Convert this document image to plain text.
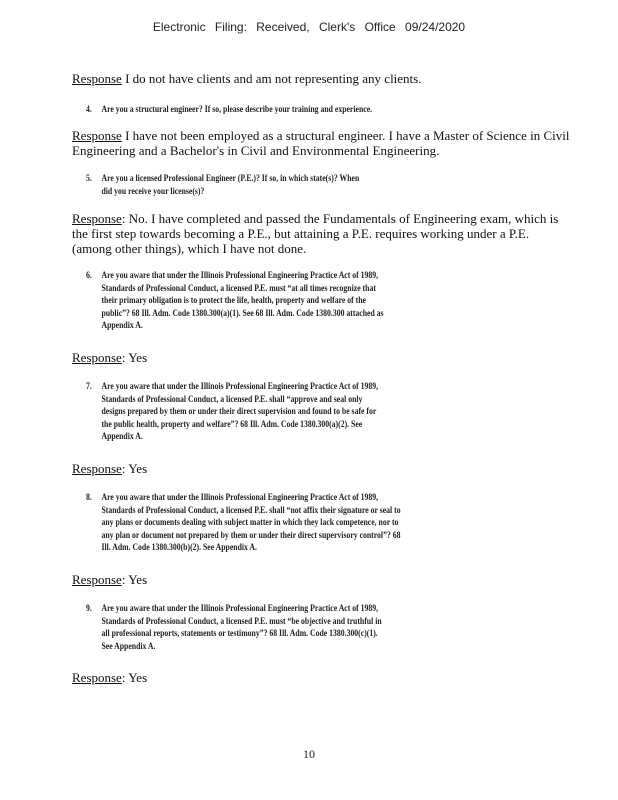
Electronic Filing: Received, Clerk's Office 09/24/2020
Response I do not have clients and am not representing any clients.
4. Are you a structural engineer? If so, please describe your training and experience.
Response I have not been employed as a structural engineer. I have a Master of Science in Civil Engineering and a Bachelor's in Civil and Environmental Engineering.
5. Are you a licensed Professional Engineer (P.E.)? If so, in which state(s)? When did you receive your license(s)?
Response: No. I have completed and passed the Fundamentals of Engineering exam, which is the first step towards becoming a P.E., but attaining a P.E. requires working under a P.E. (among other things), which I have not done.
6. Are you aware that under the Illinois Professional Engineering Practice Act of 1989, Standards of Professional Conduct, a licensed P.E. must “at all times recognize that their primary obligation is to protect the life, health, property and welfare of the public”? 68 Ill. Adm. Code 1380.300(a)(1). See 68 Ill. Adm. Code 1380.300 attached as Appendix A.
Response: Yes
7. Are you aware that under the Illinois Professional Engineering Practice Act of 1989, Standards of Professional Conduct, a licensed P.E. shall “approve and seal only designs prepared by them or under their direct supervision and found to be safe for the public health, property and welfare”? 68 Ill. Adm. Code 1380.300(a)(2). See Appendix A.
Response: Yes
8. Are you aware that under the Illinois Professional Engineering Practice Act of 1989, Standards of Professional Conduct, a licensed P.E. shall “not affix their signature or seal to any plans or documents dealing with subject matter in which they lack competence, nor to any plan or document not prepared by them or under their direct supervisory control”? 68 Ill. Adm. Code 1380.300(b)(2). See Appendix A.
Response: Yes
9. Are you aware that under the Illinois Professional Engineering Practice Act of 1989, Standards of Professional Conduct, a licensed P.E. must “be objective and truthful in all professional reports, statements or testimony”? 68 Ill. Adm. Code 1380.300(c)(1). See Appendix A.
Response: Yes
10
